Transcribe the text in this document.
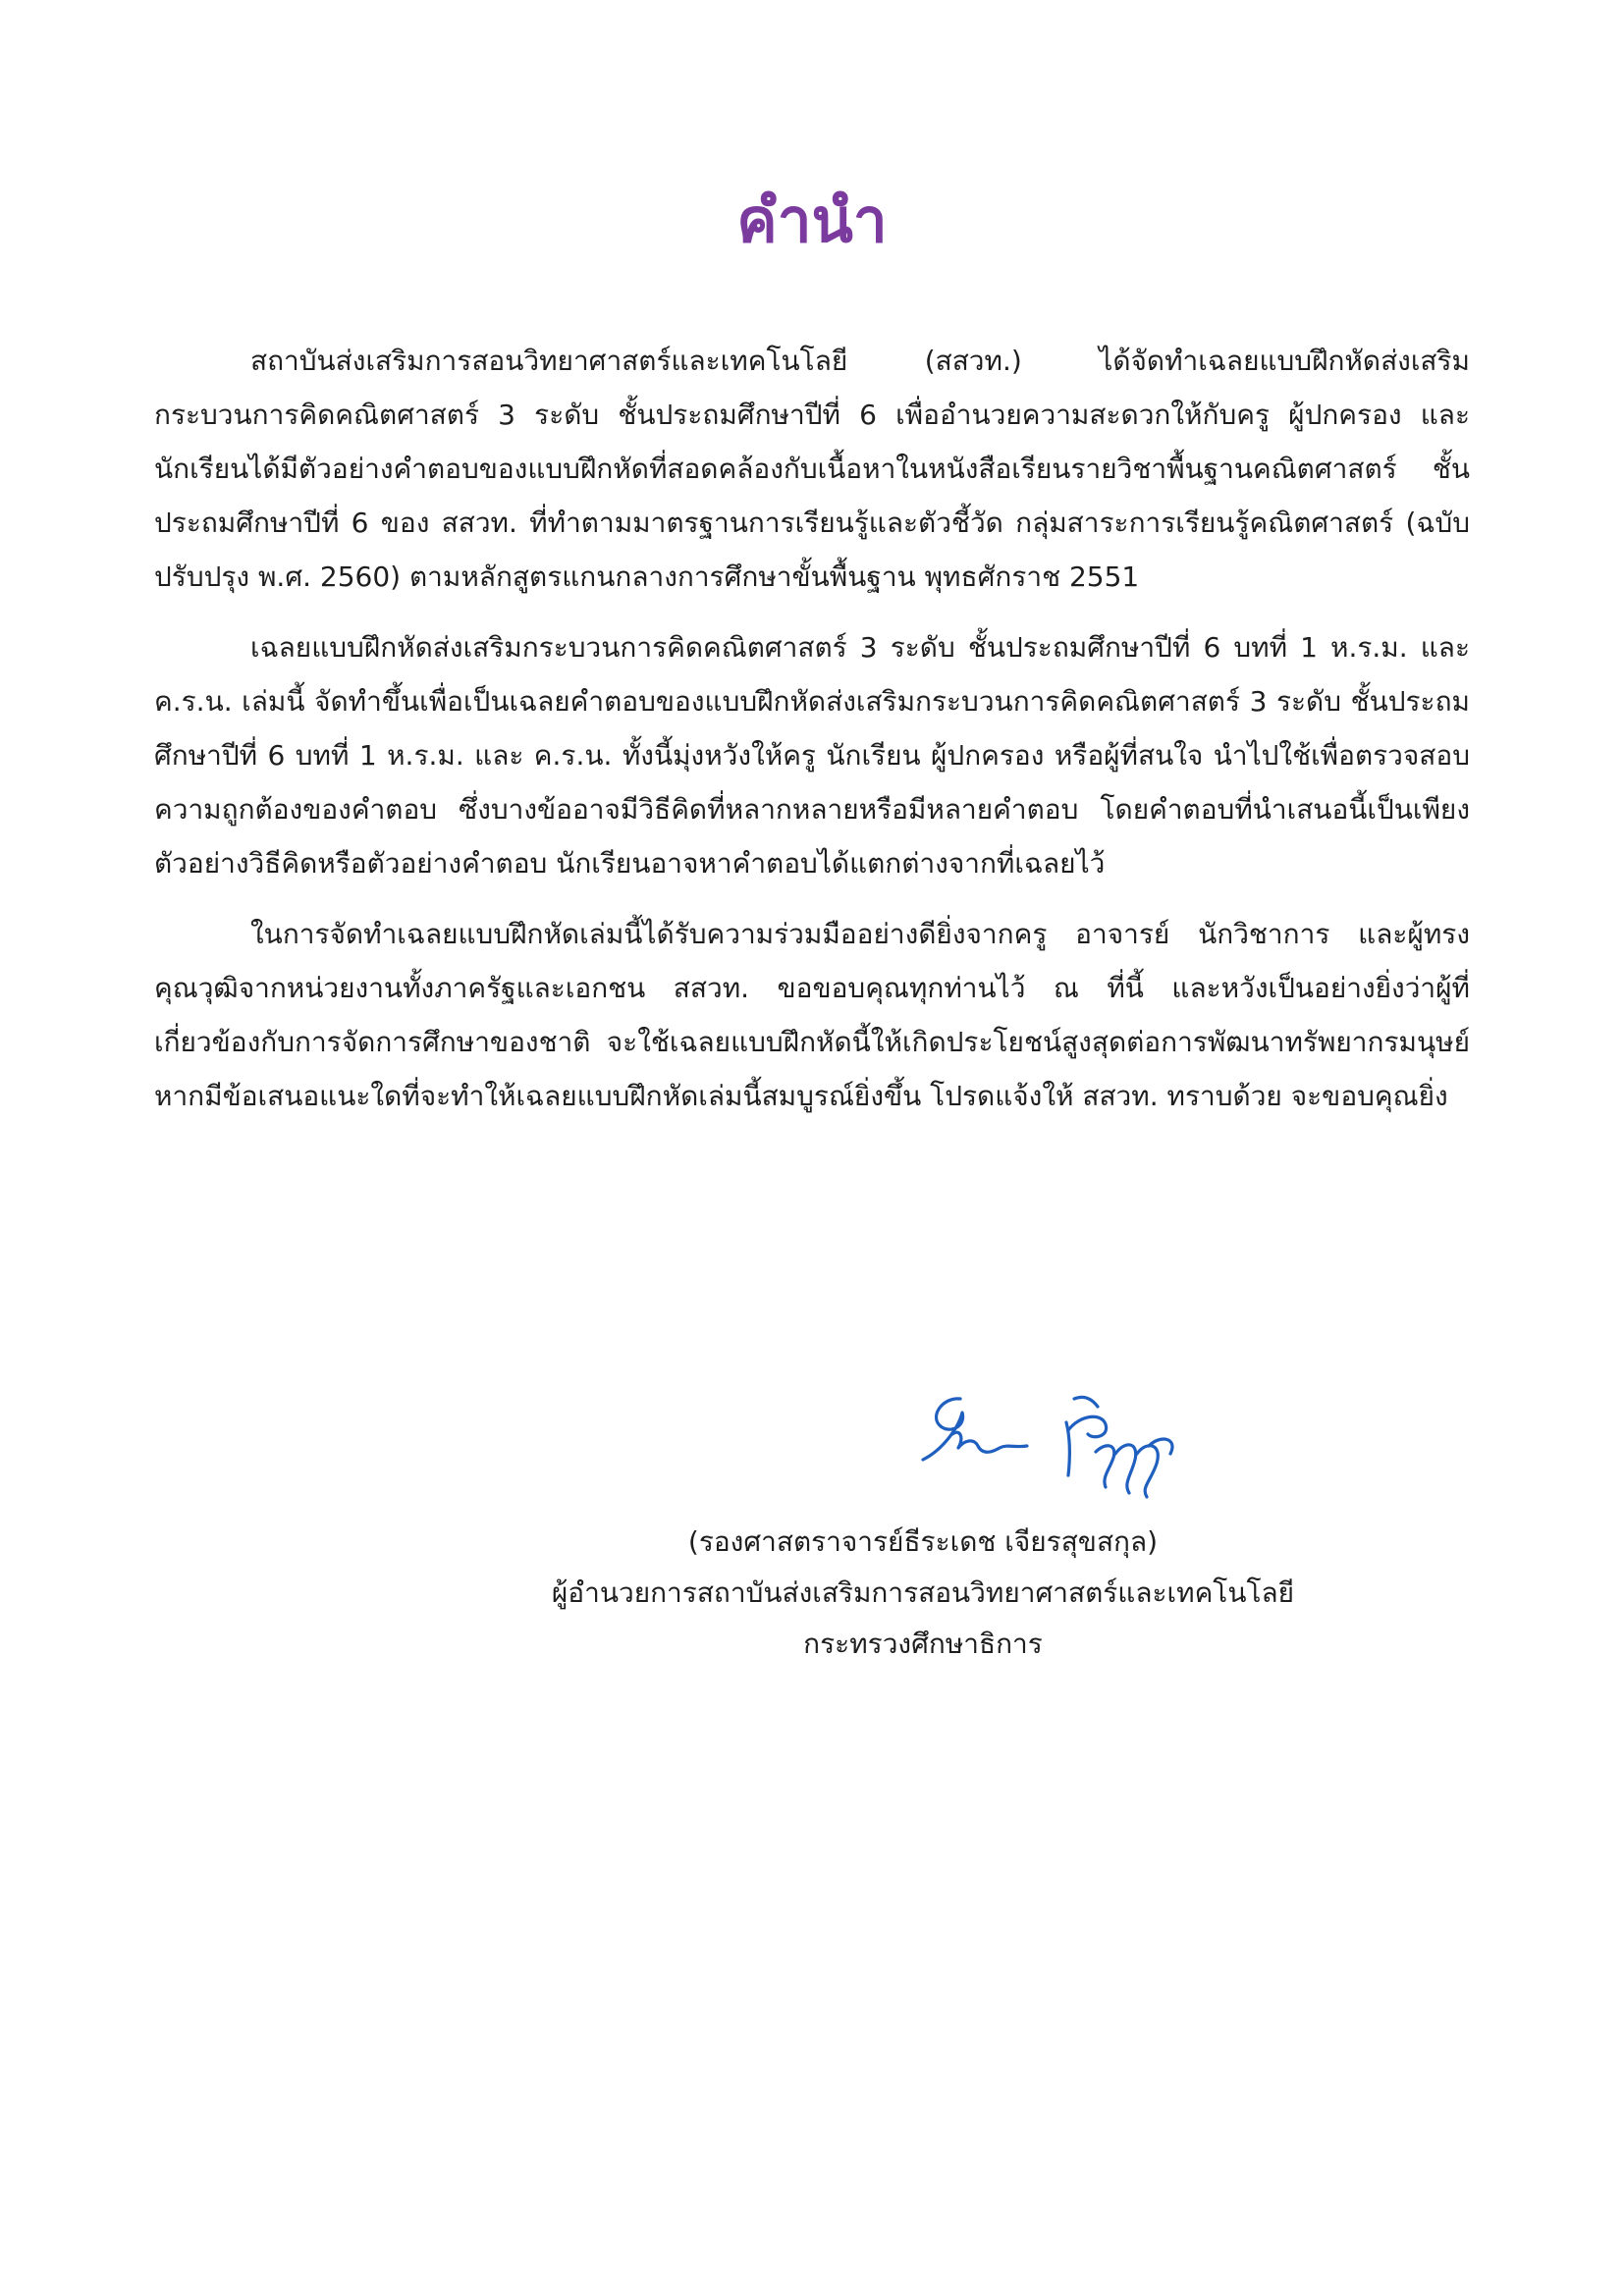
คำนำ

สถาบันส่งเสริมการสอนวิทยาศาสตร์และเทคโนโลยี (สสวท.) ได้จัดทำเฉลยแบบฝึกหัดส่งเสริมกระบวนการคิดคณิตศาสตร์ 3 ระดับ ชั้นประถมศึกษาปีที่ 6 เพื่ออำนวยความสะดวกให้กับครู ผู้ปกครอง และนักเรียนได้มีตัวอย่างคำตอบของแบบฝึกหัดที่สอดคล้องกับเนื้อหาในหนังสือเรียนรายวิชาพื้นฐานคณิตศาสตร์ ชั้นประถมศึกษาปีที่ 6 ของ สสวท. ที่ทำตามมาตรฐานการเรียนรู้และตัวชี้วัด กลุ่มสาระการเรียนรู้คณิตศาสตร์ (ฉบับปรับปรุง พ.ศ. 2560) ตามหลักสูตรแกนกลางการศึกษาขั้นพื้นฐาน พุทธศักราช 2551

เฉลยแบบฝึกหัดส่งเสริมกระบวนการคิดคณิตศาสตร์ 3 ระดับ ชั้นประถมศึกษาปีที่ 6 บทที่ 1 ห.ร.ม. และ ค.ร.น. เล่มนี้ จัดทำขึ้นเพื่อเป็นเฉลยคำตอบของแบบฝึกหัดส่งเสริมกระบวนการคิดคณิตศาสตร์ 3 ระดับ ชั้นประถมศึกษาปีที่ 6 บทที่ 1 ห.ร.ม. และ ค.ร.น. ทั้งนี้มุ่งหวังให้ครู นักเรียน ผู้ปกครอง หรือผู้ที่สนใจ นำไปใช้เพื่อตรวจสอบความถูกต้องของคำตอบ ซึ่งบางข้ออาจมีวิธีคิดที่หลากหลายหรือมีหลายคำตอบ โดยคำตอบที่นำเสนอนี้เป็นเพียงตัวอย่างวิธีคิดหรือตัวอย่างคำตอบ นักเรียนอาจหาคำตอบได้แตกต่างจากที่เฉลยไว้

ในการจัดทำเฉลยแบบฝึกหัดเล่มนี้ได้รับความร่วมมืออย่างดียิ่งจากครู อาจารย์ นักวิชาการ และผู้ทรงคุณวุฒิจากหน่วยงานทั้งภาครัฐและเอกชน สสวท. ขอขอบคุณทุกท่านไว้ ณ ที่นี้ และหวังเป็นอย่างยิ่งว่าผู้ที่เกี่ยวข้องกับการจัดการศึกษาของชาติ จะใช้เฉลยแบบฝึกหัดนี้ให้เกิดประโยชน์สูงสุดต่อการพัฒนาทรัพยากรมนุษย์ หากมีข้อเสนอแนะใดที่จะทำให้เฉลยแบบฝึกหัดเล่มนี้สมบูรณ์ยิ่งขึ้น โปรดแจ้งให้ สสวท. ทราบด้วย จะขอบคุณยิ่ง

(รองศาสตราจารย์ธีระเดช เจียรสุขสกุล)
ผู้อำนวยการสถาบันส่งเสริมการสอนวิทยาศาสตร์และเทคโนโลยี
กระทรวงศึกษาธิการ
